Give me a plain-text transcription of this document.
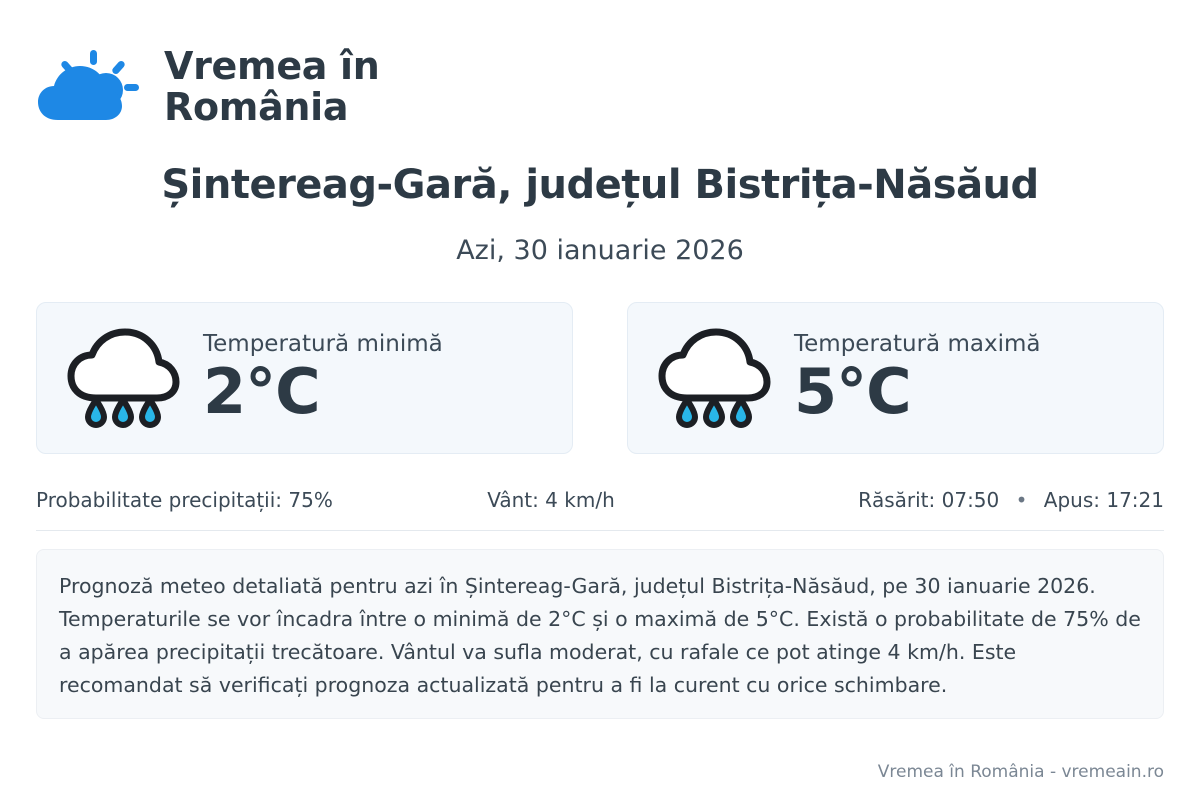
Vremea în
România
Șintereag-Gară, județul Bistrița-Năsăud
Azi, 30 ianuarie 2026
Temperatură minimă
2°C
Temperatură maximă
5°C
Probabilitate precipitații: 75%	Vânt: 4 km/h	Răsărit: 07:50 • Apus: 17:21
Prognoză meteo detaliată pentru azi în Șintereag-Gară, județul Bistrița-Năsăud, pe 30 ianuarie 2026. Temperaturile se vor încadra între o minimă de 2°C și o maximă de 5°C. Există o probabilitate de 75% de a apărea precipitații trecătoare. Vântul va sufla moderat, cu rafale ce pot atinge 4 km/h. Este recomandat să verificați prognoza actualizată pentru a fi la curent cu orice schimbare.
Vremea în România - vremeain.ro
